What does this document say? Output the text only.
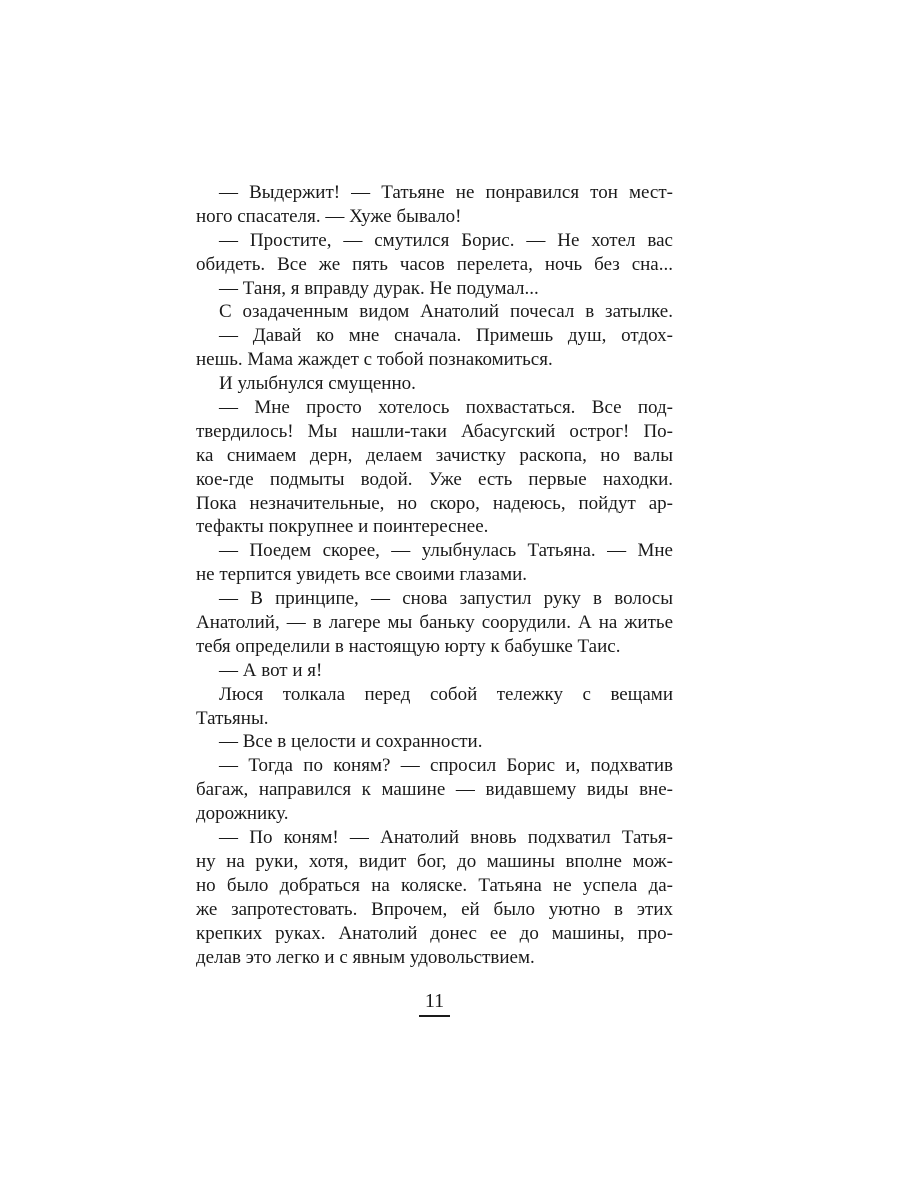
— Выдержит! — Татьяне не понравился тон мест-
ного спасателя. — Хуже бывало!
— Простите, — смутился Борис. — Не хотел вас
обидеть. Все же пять часов перелета, ночь без сна...
— Таня, я вправду дурак. Не подумал...
С озадаченным видом Анатолий почесал в затылке.
— Давай ко мне сначала. Примешь душ, отдох-
нешь. Мама жаждет с тобой познакомиться.
И улыбнулся смущенно.
— Мне просто хотелось похвастаться. Все под-
твердилось! Мы нашли-таки Абасугский острог! По-
ка снимаем дерн, делаем зачистку раскопа, но валы
кое-где подмыты водой. Уже есть первые находки.
Пока незначительные, но скоро, надеюсь, пойдут ар-
тефакты покрупнее и поинтереснее.
— Поедем скорее, — улыбнулась Татьяна. — Мне
не терпится увидеть все своими глазами.
— В принципе, — снова запустил руку в волосы
Анатолий, — в лагере мы баньку соорудили. А на житье
тебя определили в настоящую юрту к бабушке Таис.
— А вот и я!
Люся толкала перед собой тележку с вещами
Татьяны.
— Все в целости и сохранности.
— Тогда по коням? — спросил Борис и, подхватив
багаж, направился к машине — видавшему виды вне-
дорожнику.
— По коням! — Анатолий вновь подхватил Татья-
ну на руки, хотя, видит бог, до машины вполне мож-
но было добраться на коляске. Татьяна не успела да-
же запротестовать. Впрочем, ей было уютно в этих
крепких руках. Анатолий донес ее до машины, про-
делав это легко и с явным удовольствием.
11
